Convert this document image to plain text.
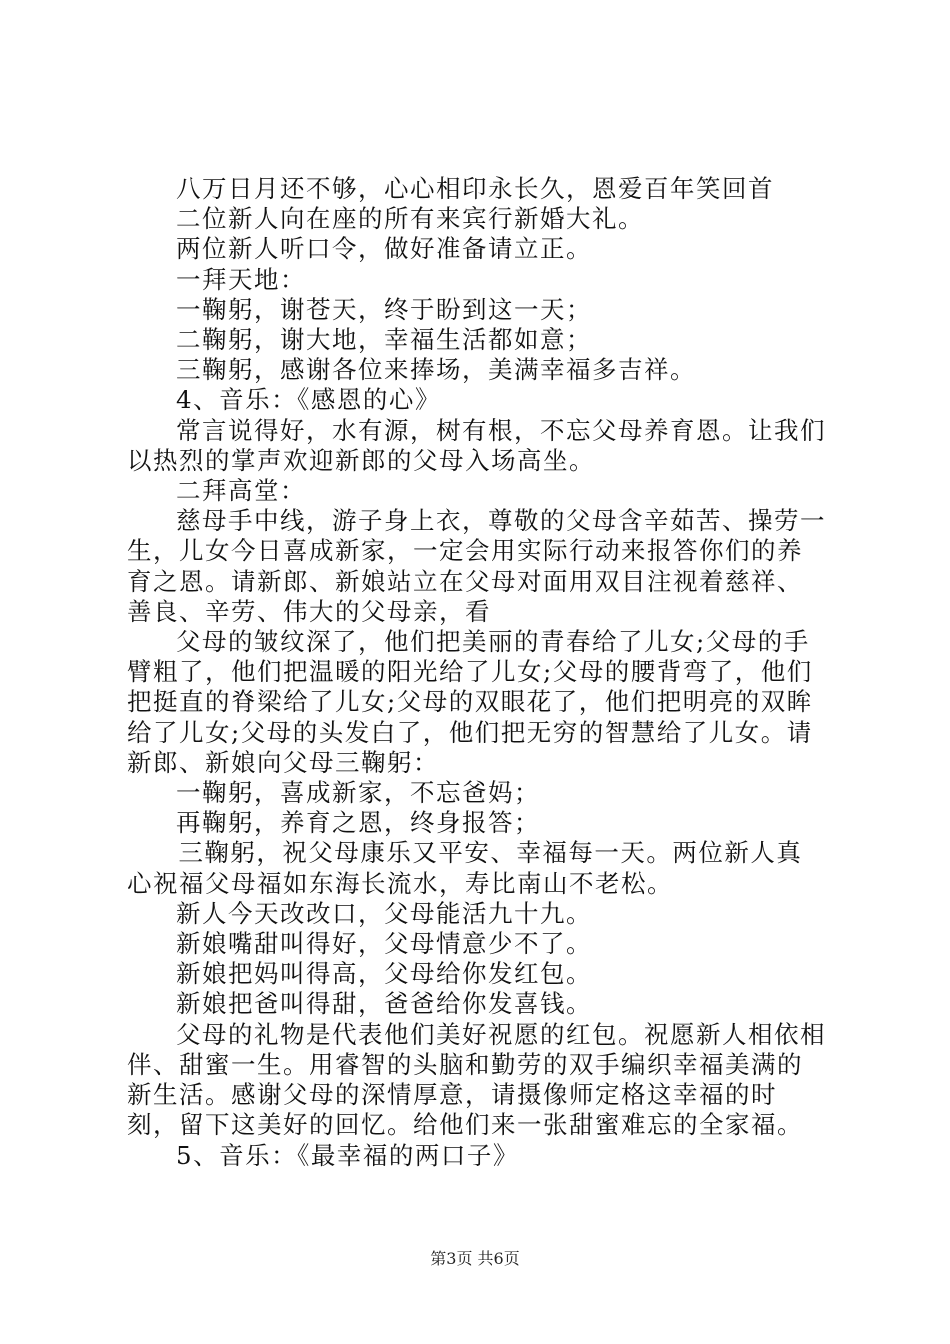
八万日月还不够，心心相印永长久，恩爱百年笑回首

二位新人向在座的所有来宾行新婚大礼。

两位新人听口令，做好准备请立正。

一拜天地：

一鞠躬，谢苍天，终于盼到这一天；

二鞠躬，谢大地，幸福生活都如意；

三鞠躬，感谢各位来捧场，美满幸福多吉祥。

4、音乐：《感恩的心》

常言说得好，水有源，树有根，不忘父母养育恩。让我们以热烈的掌声欢迎新郎的父母入场高坐。

二拜高堂：

慈母手中线，游子身上衣，尊敬的父母含辛茹苦、操劳一生，儿女今日喜成新家，一定会用实际行动来报答你们的养育之恩。请新郎、新娘站立在父母对面用双目注视着慈祥、善良、辛劳、伟大的父母亲，看

父母的皱纹深了，他们把美丽的青春给了儿女;父母的手臂粗了，他们把温暖的阳光给了儿女;父母的腰背弯了，他们把挺直的脊梁给了儿女;父母的双眼花了，他们把明亮的双眸给了儿女;父母的头发白了，他们把无穷的智慧给了儿女。请新郎、新娘向父母三鞠躬：

一鞠躬，喜成新家，不忘爸妈；

再鞠躬，养育之恩，终身报答；

三鞠躬，祝父母康乐又平安、幸福每一天。两位新人真心祝福父母福如东海长流水，寿比南山不老松。

新人今天改改口，父母能活九十九。

新娘嘴甜叫得好，父母情意少不了。

新娘把妈叫得高，父母给你发红包。

新娘把爸叫得甜，爸爸给你发喜钱。

父母的礼物是代表他们美好祝愿的红包。祝愿新人相依相伴、甜蜜一生。用睿智的头脑和勤劳的双手编织幸福美满的新生活。感谢父母的深情厚意，请摄像师定格这幸福的时刻，留下这美好的回忆。给他们来一张甜蜜难忘的全家福。

5、音乐：《最幸福的两口子》

第3页 共6页
